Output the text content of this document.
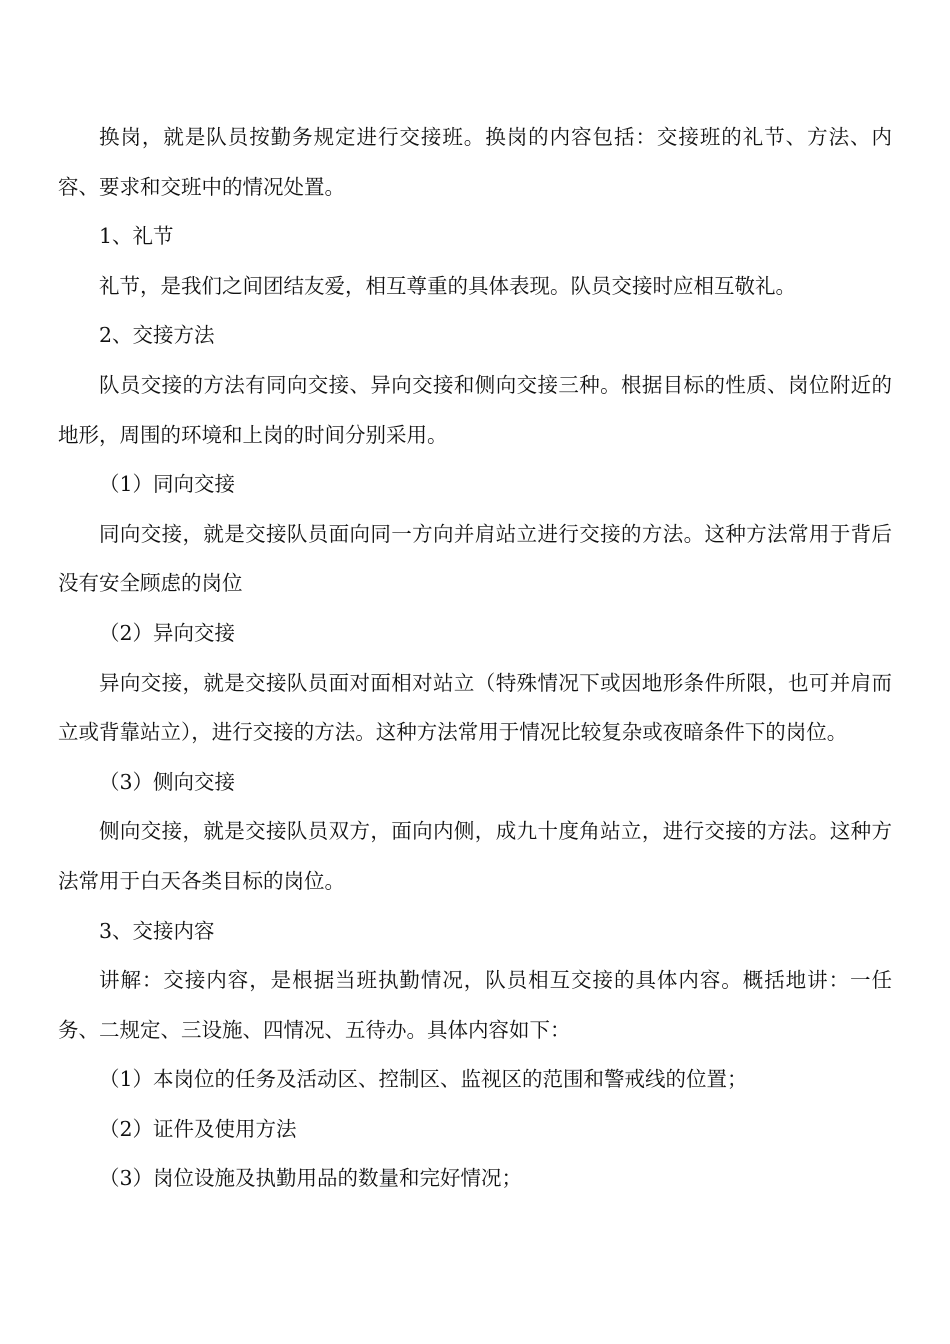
换岗，就是队员按勤务规定进行交接班。换岗的内容包括：交接班的礼节、方法、内容、要求和交班中的情况处置。

1、礼节

礼节，是我们之间团结友爱，相互尊重的具体表现。队员交接时应相互敬礼。

2、交接方法

队员交接的方法有同向交接、异向交接和侧向交接三种。根据目标的性质、岗位附近的地形，周围的环境和上岗的时间分别采用。

（1）同向交接

同向交接，就是交接队员面向同一方向并肩站立进行交接的方法。这种方法常用于背后没有安全顾虑的岗位

（2）异向交接

异向交接，就是交接队员面对面相对站立（特殊情况下或因地形条件所限，也可并肩而立或背靠站立），进行交接的方法。这种方法常用于情况比较复杂或夜暗条件下的岗位。

（3）侧向交接

侧向交接，就是交接队员双方，面向内侧，成九十度角站立，进行交接的方法。这种方法常用于白天各类目标的岗位。

3、交接内容

讲解：交接内容，是根据当班执勤情况，队员相互交接的具体内容。概括地讲：一任务、二规定、三设施、四情况、五待办。具体内容如下：

（1）本岗位的任务及活动区、控制区、监视区的范围和警戒线的位置；

（2）证件及使用方法

（3）岗位设施及执勤用品的数量和完好情况；
